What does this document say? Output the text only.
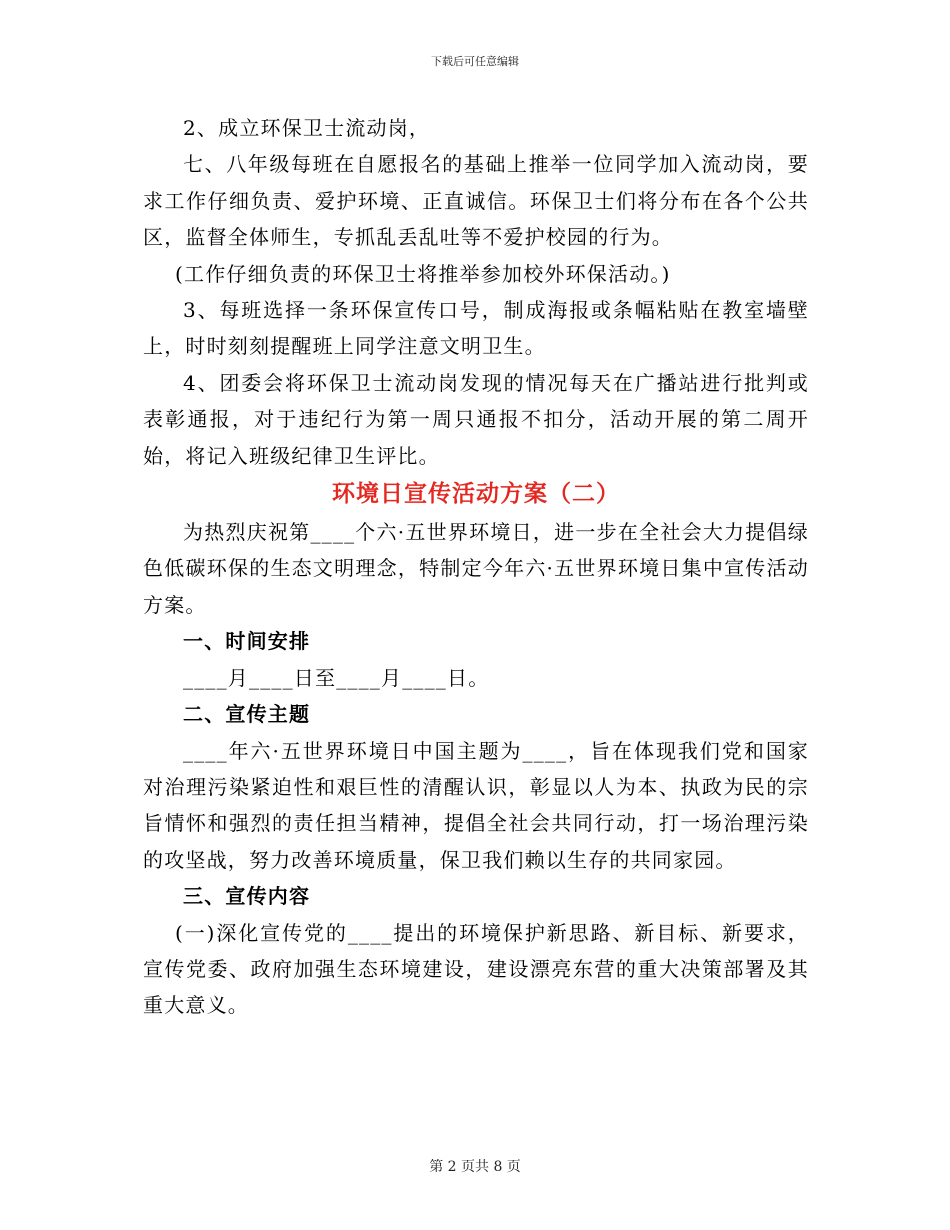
下载后可任意编辑

2、成立环保卫士流动岗，

七、八年级每班在自愿报名的基础上推举一位同学加入流动岗，要求工作仔细负责、爱护环境、正直诚信。环保卫士们将分布在各个公共区，监督全体师生，专抓乱丢乱吐等不爱护校园的行为。

(工作仔细负责的环保卫士将推举参加校外环保活动。)

3、每班选择一条环保宣传口号，制成海报或条幅粘贴在教室墙壁上，时时刻刻提醒班上同学注意文明卫生。

4、团委会将环保卫士流动岗发现的情况每天在广播站进行批判或表彰通报，对于违纪行为第一周只通报不扣分，活动开展的第二周开始，将记入班级纪律卫生评比。

环境日宣传活动方案（二）

为热烈庆祝第____个六·五世界环境日，进一步在全社会大力提倡绿色低碳环保的生态文明理念，特制定今年六·五世界环境日集中宣传活动方案。

一、时间安排

____月____日至____月____日。

二、宣传主题

____年六·五世界环境日中国主题为____，旨在体现我们党和国家对治理污染紧迫性和艰巨性的清醒认识，彰显以人为本、执政为民的宗旨情怀和强烈的责任担当精神，提倡全社会共同行动，打一场治理污染的攻坚战，努力改善环境质量，保卫我们赖以生存的共同家园。

三、宣传内容

(一)深化宣传党的____提出的环境保护新思路、新目标、新要求，宣传党委、政府加强生态环境建设，建设漂亮东营的重大决策部署及其重大意义。

第 2 页共 8 页
